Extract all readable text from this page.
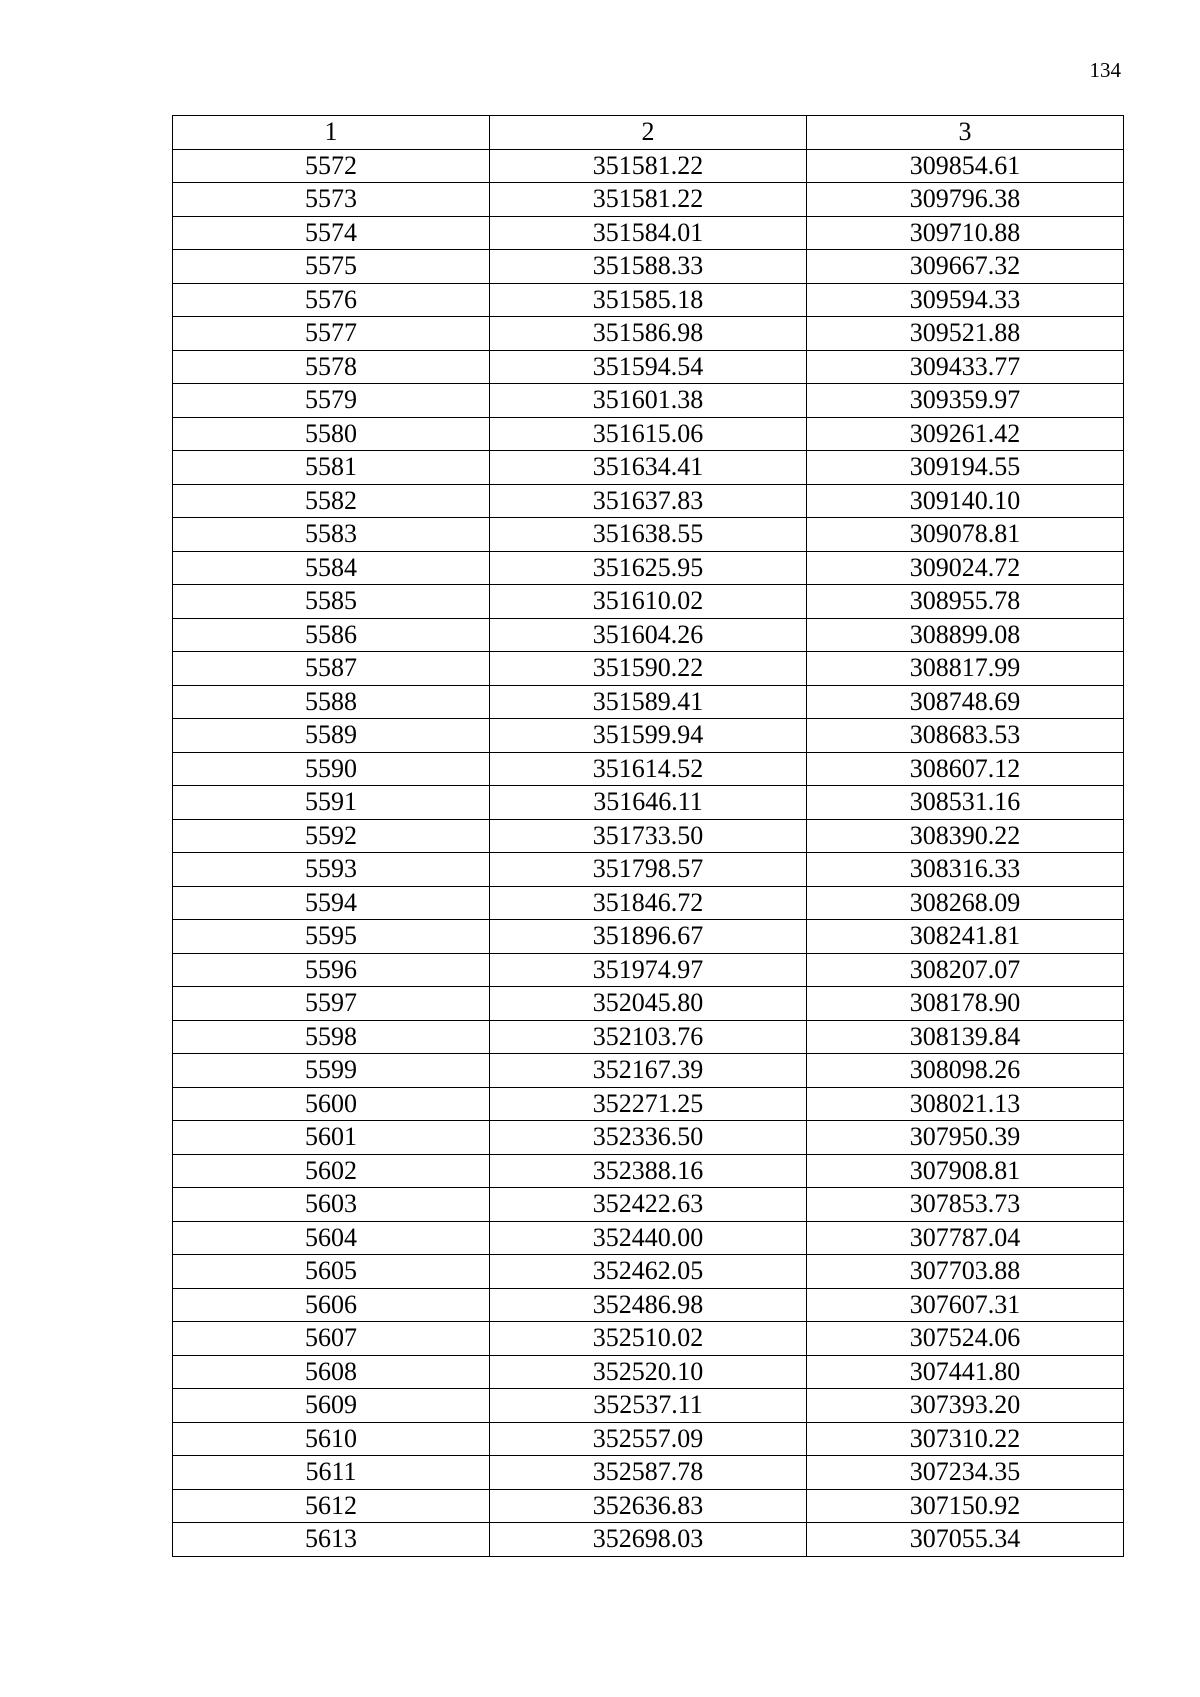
134
1	2	3
5572	351581.22	309854.61
5573	351581.22	309796.38
5574	351584.01	309710.88
5575	351588.33	309667.32
5576	351585.18	309594.33
5577	351586.98	309521.88
5578	351594.54	309433.77
5579	351601.38	309359.97
5580	351615.06	309261.42
5581	351634.41	309194.55
5582	351637.83	309140.10
5583	351638.55	309078.81
5584	351625.95	309024.72
5585	351610.02	308955.78
5586	351604.26	308899.08
5587	351590.22	308817.99
5588	351589.41	308748.69
5589	351599.94	308683.53
5590	351614.52	308607.12
5591	351646.11	308531.16
5592	351733.50	308390.22
5593	351798.57	308316.33
5594	351846.72	308268.09
5595	351896.67	308241.81
5596	351974.97	308207.07
5597	352045.80	308178.90
5598	352103.76	308139.84
5599	352167.39	308098.26
5600	352271.25	308021.13
5601	352336.50	307950.39
5602	352388.16	307908.81
5603	352422.63	307853.73
5604	352440.00	307787.04
5605	352462.05	307703.88
5606	352486.98	307607.31
5607	352510.02	307524.06
5608	352520.10	307441.80
5609	352537.11	307393.20
5610	352557.09	307310.22
5611	352587.78	307234.35
5612	352636.83	307150.92
5613	352698.03	307055.34
